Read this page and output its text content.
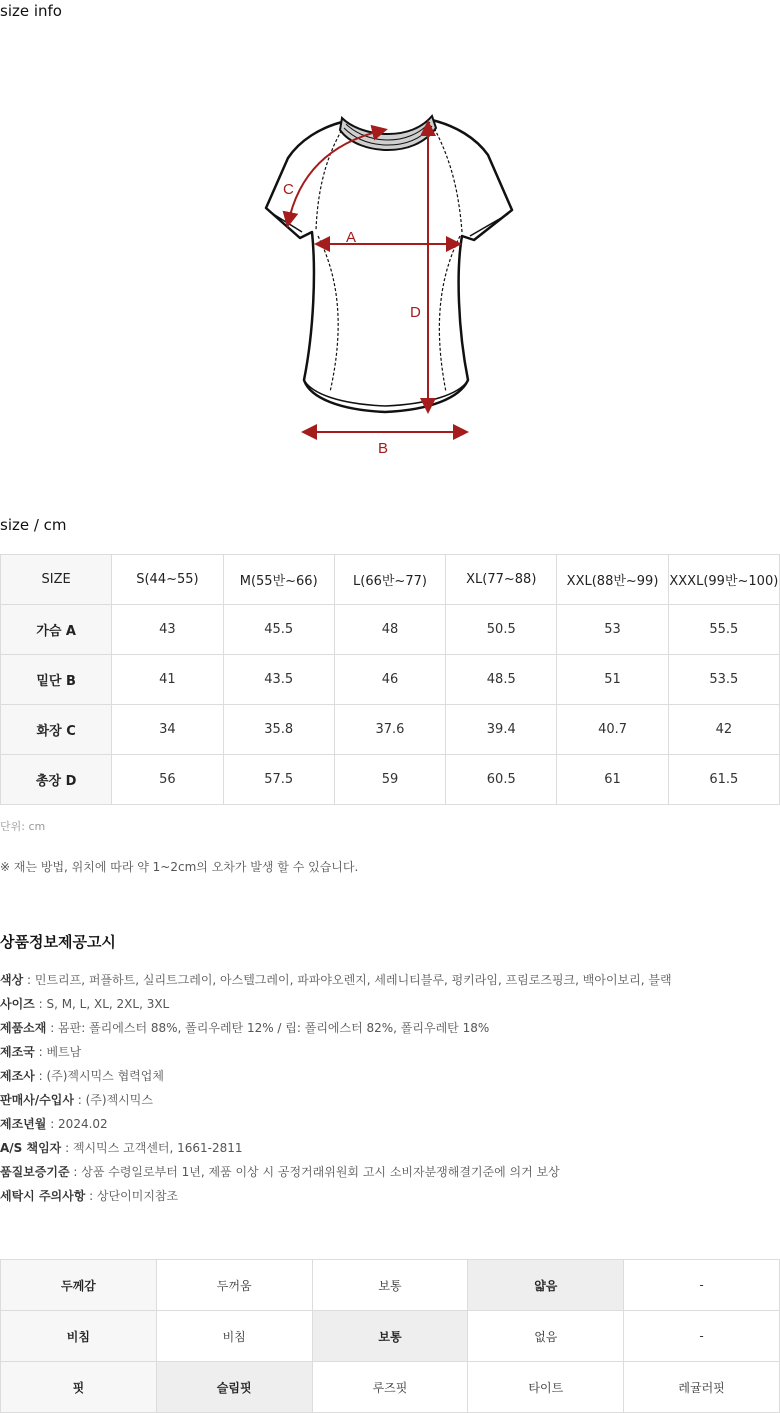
size info
A
B
C
D
size / cm
SIZE	S(44~55)	M(55반~66)	L(66반~77)	XL(77~88)	XXL(88반~99)	XXXL(99반~100)
가슴 A	43	45.5	48	50.5	53	55.5
밑단 B	41	43.5	46	48.5	51	53.5
화장 C	34	35.8	37.6	39.4	40.7	42
총장 D	56	57.5	59	60.5	61	61.5
단위: cm
※ 재는 방법, 위치에 따라 약 1~2cm의 오차가 발생 할 수 있습니다.
상품정보제공고시
색상 : 민트리프, 퍼플하트, 실리트그레이, 아스텔그레이, 파파야오렌지, 세레니티블루, 펑키라임, 프림로즈핑크, 백아이보리, 블랙
사이즈 : S, M, L, XL, 2XL, 3XL
제품소재 : 몸판: 폴리에스터 88%, 폴리우레탄 12% / 립: 폴리에스터 82%, 폴리우레탄 18%
제조국 : 베트남
제조사 : (주)젝시믹스 협력업체
판매사/수입사 : (주)젝시믹스
제조년월 : 2024.02
A/S 책임자 : 젝시믹스 고객센터, 1661-2811
품질보증기준 : 상품 수령일로부터 1년, 제품 이상 시 공정거래위원회 고시 소비자분쟁해결기준에 의거 보상
세탁시 주의사항 : 상단이미지참조
두께감	두꺼움	보통	얇음	-
비침	비침	보통	없음	-
핏	슬림핏	루즈핏	타이트	레귤러핏
